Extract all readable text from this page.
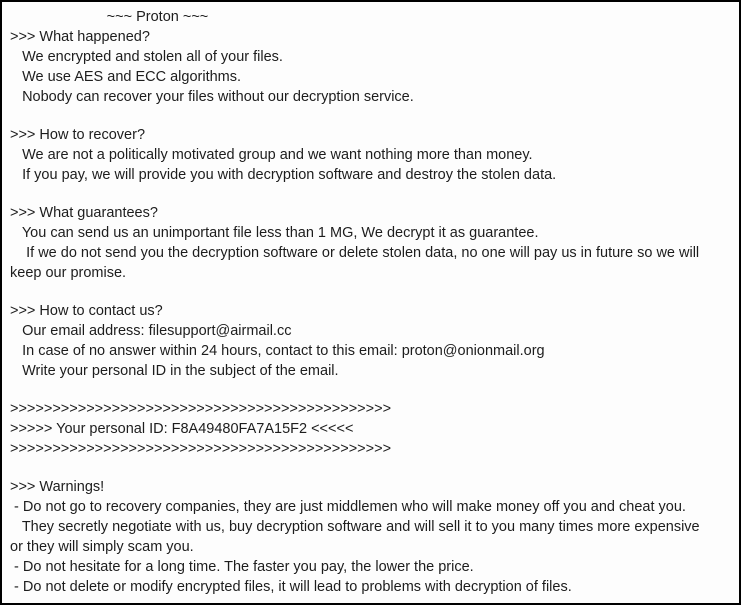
~~~ Proton ~~~
>>> What happened?
We encrypted and stolen all of your files.
We use AES and ECC algorithms.
Nobody can recover your files without our decryption service.
>>> How to recover?
We are not a politically motivated group and we want nothing more than money.
If you pay, we will provide you with decryption software and destroy the stolen data.
>>> What guarantees?
You can send us an unimportant file less than 1 MG, We decrypt it as guarantee.
If we do not send you the decryption software or delete stolen data, no one will pay us in future so we will
keep our promise.
>>> How to contact us?
Our email address: filesupport@airmail.cc
In case of no answer within 24 hours, contact to this email: proton@onionmail.org
Write your personal ID in the subject of the email.
>>>>>>>>>>>>>>>>>>>>>>>>>>>>>>>>>>>>>>>>>>>>>
>>>>> Your personal ID: F8A49480FA7A15F2 <<<<<
>>>>>>>>>>>>>>>>>>>>>>>>>>>>>>>>>>>>>>>>>>>>>
>>> Warnings!
- Do not go to recovery companies, they are just middlemen who will make money off you and cheat you.
They secretly negotiate with us, buy decryption software and will sell it to you many times more expensive
or they will simply scam you.
- Do not hesitate for a long time. The faster you pay, the lower the price.
- Do not delete or modify encrypted files, it will lead to problems with decryption of files.
